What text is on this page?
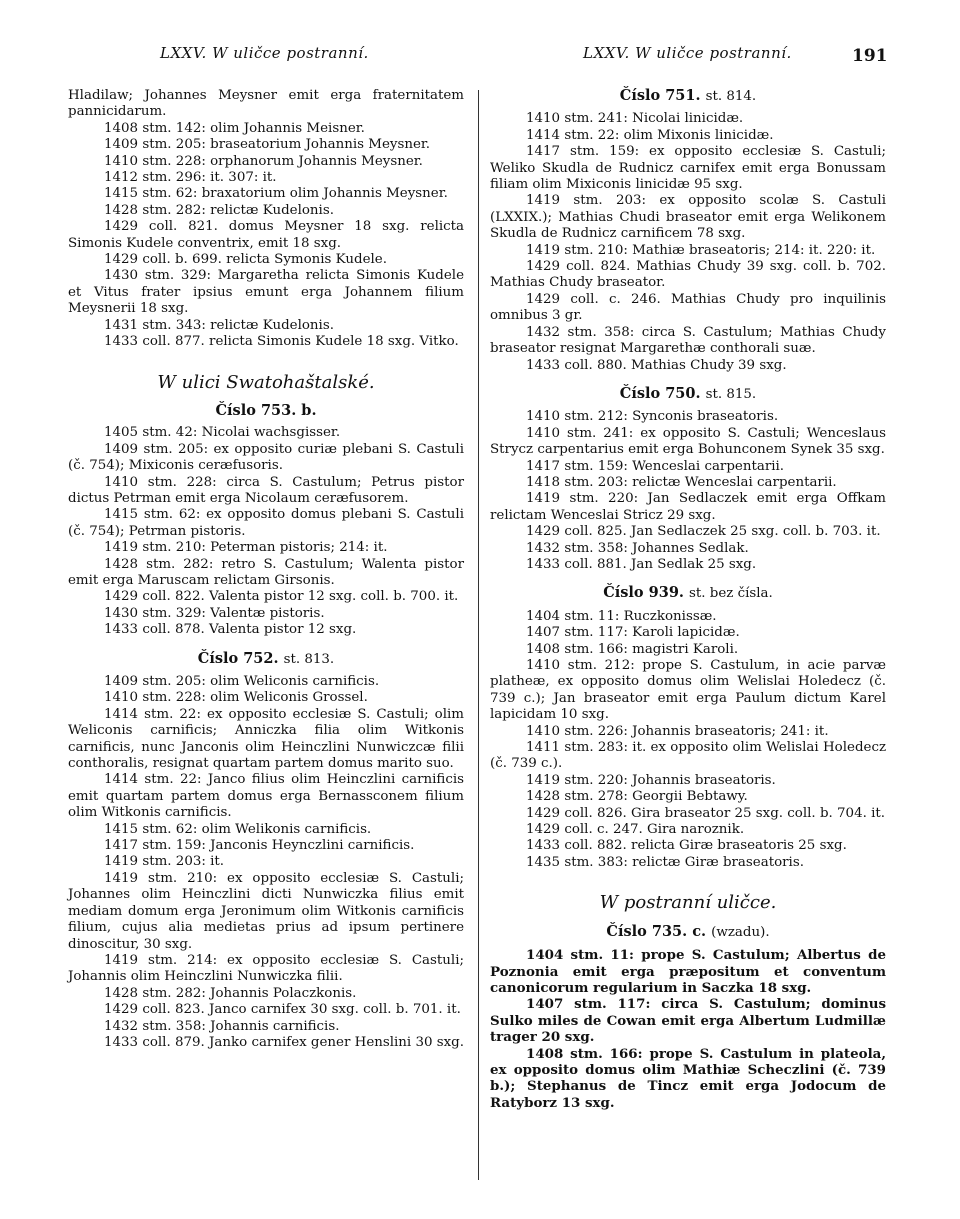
LXXV. W uličce postranní.	LXXV. W uličce postranní.	191

Hladilaw; Johannes Meysner emit erga fraternitatem pannicidarum.

1408 stm. 142: olim Johannis Meisner.

1409 stm. 205: braseatorium Johannis Meysner.

1410 stm. 228: orphanorum Johannis Meysner.

1412 stm. 296: it. 307: it.

1415 stm. 62: braxatorium olim Johannis Meysner.

1428 stm. 282: relictæ Kudelonis.

1429 coll. 821. domus Meysner 18 sxg. relicta Simonis Kudele conventrix, emit 18 sxg.

1429 coll. b. 699. relicta Symonis Kudele.

1430 stm. 329: Margaretha relicta Simonis Kudele et Vitus frater ipsius emunt erga Johannem filium Meysnerii 18 sxg.

1431 stm. 343: relictæ Kudelonis.

1433 coll. 877. relicta Simonis Kudele 18 sxg. Vitko.

W ulici Swatohaštalské.
Číslo 753. b.

1405 stm. 42: Nicolai wachsgisser.

1409 stm. 205: ex opposito curiæ plebani S. Castuli (č. 754); Mixiconis ceræfusoris.

1410 stm. 228: circa S. Castulum; Petrus pistor dictus Petrman emit erga Nicolaum ceræfusorem.

1415 stm. 62: ex opposito domus plebani S. Castuli (č. 754); Petrman pistoris.

1419 stm. 210: Peterman pistoris; 214: it.

1428 stm. 282: retro S. Castulum; Walenta pistor emit erga Maruscam relictam Girsonis.

1429 coll. 822. Valenta pistor 12 sxg. coll. b. 700. it.

1430 stm. 329: Valentæ pistoris.

1433 coll. 878. Valenta pistor 12 sxg.

Číslo 752. st. 813.

1409 stm. 205: olim Weliconis carnificis.

1410 stm. 228: olim Weliconis Grossel.

1414 stm. 22: ex opposito ecclesiæ S. Castuli; olim Weliconis carnificis; Anniczka filia olim Witkonis carnificis, nunc Janconis olim Heinczlini Nunwiczcæ filii conthoralis, resignat quartam partem domus marito suo.

1414 stm. 22: Janco filius olim Heinczlini carnificis emit quartam partem domus erga Bernassconem filium olim Witkonis carnificis.

1415 stm. 62: olim Welikonis carnificis.

1417 stm. 159: Janconis Heynczlini carnificis.

1419 stm. 203: it.

1419 stm. 210: ex opposito ecclesiæ S. Castuli; Johannes olim Heinczlini dicti Nunwiczka filius emit mediam domum erga Jeronimum olim Witkonis carnificis filium, cujus alia medietas prius ad ipsum pertinere dinoscitur, 30 sxg.

1419 stm. 214: ex opposito ecclesiæ S. Castuli; Johannis olim Heinczlini Nunwiczka filii.

1428 stm. 282: Johannis Polaczkonis.

1429 coll. 823. Janco carnifex 30 sxg. coll. b. 701. it.

1432 stm. 358: Johannis carnificis.

1433 coll. 879. Janko carnifex gener Henslini 30 sxg.

Číslo 751. st. 814.

1410 stm. 241: Nicolai linicidæ.

1414 stm. 22: olim Mixonis linicidæ.

1417 stm. 159: ex opposito ecclesiæ S. Castuli; Weliko Skudla de Rudnicz carnifex emit erga Bonussam filiam olim Mixiconis linicidæ 95 sxg.

1419 stm. 203: ex opposito scolæ S. Castuli (LXXIX.); Mathias Chudi braseator emit erga Welikonem Skudla de Rudnicz carnificem 78 sxg.

1419 stm. 210: Mathiæ braseatoris; 214: it. 220: it.

1429 coll. 824. Mathias Chudy 39 sxg. coll. b. 702. Mathias Chudy braseator.

1429 coll. c. 246. Mathias Chudy pro inquilinis omnibus 3 gr.

1432 stm. 358: circa S. Castulum; Mathias Chudy braseator resignat Margarethæ conthorali suæ.

1433 coll. 880. Mathias Chudy 39 sxg.

Číslo 750. st. 815.

1410 stm. 212: Synconis braseatoris.

1410 stm. 241: ex opposito S. Castuli; Wenceslaus Strycz carpentarius emit erga Bohunconem Synek 35 sxg.

1417 stm. 159: Wenceslai carpentarii.

1418 stm. 203: relictæ Wenceslai carpentarii.

1419 stm. 220: Jan Sedlaczek emit erga Offkam relictam Wenceslai Stricz 29 sxg.

1429 coll. 825. Jan Sedlaczek 25 sxg. coll. b. 703. it.

1432 stm. 358: Johannes Sedlak.

1433 coll. 881. Jan Sedlak 25 sxg.

Číslo 939. st. bez čísla.

1404 stm. 11: Ruczkonissæ.

1407 stm. 117: Karoli lapicidæ.

1408 stm. 166: magistri Karoli.

1410 stm. 212: prope S. Castulum, in acie parvæ plathеæ, ex opposito domus olim Welislai Holedecz (č. 739 c.); Jan braseator emit erga Paulum dictum Karel lapicidam 10 sxg.

1410 stm. 226: Johannis braseatoris; 241: it.

1411 stm. 283: it. ex opposito olim Welislai Holedecz (č. 739 c.).

1419 stm. 220: Johannis braseatoris.

1428 stm. 278: Georgii Bebtawy.

1429 coll. 826. Gira braseator 25 sxg. coll. b. 704. it.

1429 coll. c. 247. Gira naroznik.

1433 coll. 882. relicta Giræ braseatoris 25 sxg.

1435 stm. 383: relictæ Giræ braseatoris.

W postranní uličce.
Číslo 735. c. (wzadu).

1404 stm. 11: prope S. Castulum; Albertus de Poznonia emit erga præpositum et conventum canonicorum regularium in Saczka 18 sxg.

1407 stm. 117: circa S. Castulum; dominus Sulko miles de Cowan emit erga Albertum Ludmillæ trager 20 sxg.

1408 stm. 166: prope S. Castulum in plateola, ex opposito domus olim Mathiæ Scheczlini (č. 739 b.); Stephanus de Tincz emit erga Jodocum de Ratyborz 13 sxg.
